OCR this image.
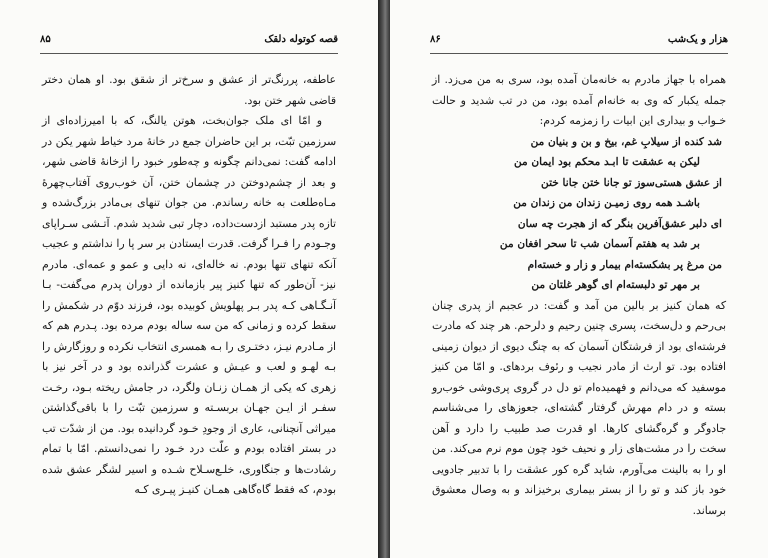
قصه کوتوله دلقک
۸۵

عاطفه، پررنگ‌تر از عشق و سرخ‌تر از شقق بود. او همان دختر قاضی شهر ختن بود.

و امّا ای ملک جوان‌بخت، هوتن یالنگ، که با امیرزاده‌ای از سرزمین تبّت، بر این حاضران جمع در خانهٔ مرد خیاط شهر یکن در ادامه گفت: نمی‌دانم چگونه و چه‌طور خبود را ازخانهٔ قاضی شهر، و بعد از چشم‌دوختن در چشمان ختن، آن خوب‌روی آفتاب‌چهرهٔ مـاه‌طلعت به خانه رساندم. من جوان تنهای بی‌مادر بزرگ‌شده و تازه پدر مستبد ازدست‌داده، دچار تبی شدید شدم. آتـشی سـراپای وجـودم را فـرا گرفت. قدرت ایستادن بر سر پا را نداشتم و عجیب آنکه تنهای تنها بودم. نه خاله‌ای، نه دایی و عمو و عمه‌ای. مادرم نیز- آن‌طور که تنها کنیز پیر بازمانده از دوران پدرم می‌گفت- بـا آنـگـاهی کـه پدر بـر پهلویش کوبیده بود، فرزند دوّم در شکمش را سقط کرده و زمانی که من سه ساله بودم مرده بود. پـدرم هم که از مـادرم نیـز، دختـری را بـه همسری انتخاب نکرده و روزگارش را بـه لهـو و لعب و عیـش و عشرت گذرانده بود و در آخر نیز با زهری که یکی از همـان زنـان ولگرد، در جامش ریخته بـود، رخـت سفـر از ایـن جهـان بربسـته و سرزمین تبّت را با باقی‌گذاشتن میراثی آنچنانی، عاری از وجودِ خـود گردانیده بود. من از شدّت تب در بستر افتاده بودم و علّت درد خـود را نمی‌دانستم. امّا با تمام رشادت‌ها و جنگاوری، خلـع‌سـلاح شـده و اسیر لشگر عشق شده بودم، که فقط گاه‌گاهی همـان کنیـز پیـری کـه

هزار و یک‌شب
۸۶

همراه با جهاز مادرم به خانه‌مان آمده بود، سری به من می‌زد. از جمله یکبار که وی به خانه‌ام آمده بود، من در تب شدید و حالت خـواب و بیداری این ابیات را زمزمه کردم:

شد کنده از سیلابِ غم، بیخ و بن و بنیان من

لیکن به عشقت تا ابـد محکم بود ایمان من

از عشق هستی‌سوز تو جانا ختن جانا ختن

باشـد همه روی زمیـن زندان من زندان من

ای دلبر عشق‌آفرین بنگر که از هجرت چه سان

بر شد به هفتم آسمان شب تا سحر افغان من

من مرغ پر بشکسته‌ام بیمار و زار و خسته‌ام

بر مهر تو دلبسته‌ام ای گوهر غلتان من

که همان کنیز بر بالین من آمد و گفت: در عجبم از پدری چنان بی‌رحم و دل‌سخت، پسری چنین رحیم و دلرحم. هر چند که مادرت فرشته‌ای بود از فرشتگان آسمان که به چنگ دیوی از دیوان زمینی افتاده بود. تو ارث از مادر نجیب و رئوف بردهای. و امّا من کنیز موسفید که می‌دانم و فهمیده‌ام تو دل در گروی پری‌وشی خوب‌رو بسته و در دام مهرش گرفتار گشته‌ای، جعوزهای را می‌شناسم جادوگر و گره‌گشای کارها. او قدرت صد طبیب را دارد و آهن سخت را در مشت‌های زار و نحیف خود چون موم نرم می‌کند. من او را به بالینت می‌آورم، شاید گره کور عشقت را با تدبیر جادویی خود باز کند و تو را از بستر بیماری برخیزاند و به وصال معشوق برساند.
